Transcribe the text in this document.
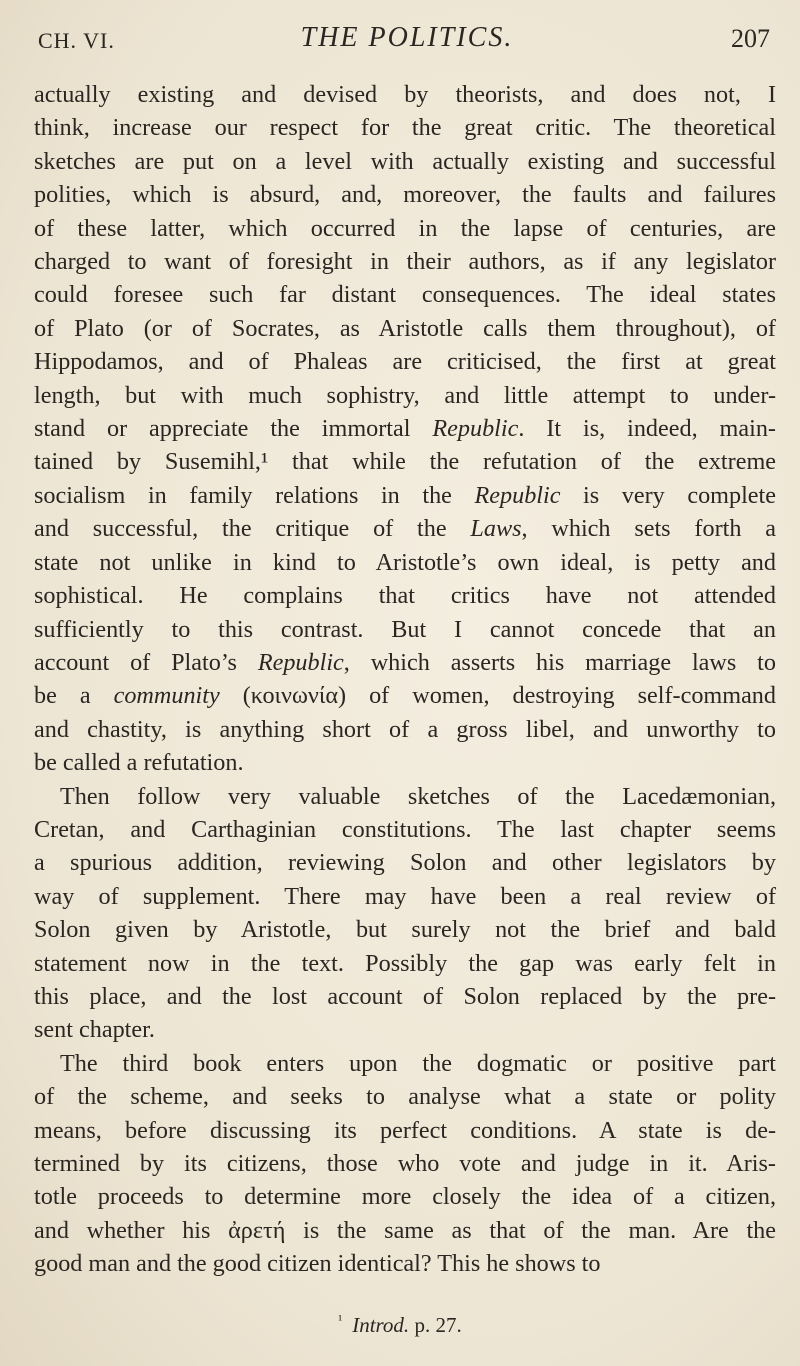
CH. VI.	THE POLITICS.	207
actually existing and devised by theorists, and does not, I
think, increase our respect for the great critic. The theoretical
sketches are put on a level with actually existing and successful
polities, which is absurd, and, moreover, the faults and failures
of these latter, which occurred in the lapse of centuries, are
charged to want of foresight in their authors, as if any legislator
could foresee such far distant consequences. The ideal states
of Plato (or of Socrates, as Aristotle calls them throughout), of
Hippodamos, and of Phaleas are criticised, the first at great
length, but with much sophistry, and little attempt to under-
stand or appreciate the immortal Republic. It is, indeed, main-
tained by Susemihl,¹ that while the refutation of the extreme
socialism in family relations in the Republic is very complete
and successful, the critique of the Laws, which sets forth a
state not unlike in kind to Aristotle’s own ideal, is petty and
sophistical. He complains that critics have not attended
sufficiently to this contrast. But I cannot concede that an
account of Plato’s Republic, which asserts his marriage laws to
be a community (κοινωνία) of women, destroying self-command
and chastity, is anything short of a gross libel, and unworthy to
be called a refutation.
Then follow very valuable sketches of the Lacedæmonian,
Cretan, and Carthaginian constitutions. The last chapter seems
a spurious addition, reviewing Solon and other legislators by
way of supplement. There may have been a real review of
Solon given by Aristotle, but surely not the brief and bald
statement now in the text. Possibly the gap was early felt in
this place, and the lost account of Solon replaced by the pre-
sent chapter.
The third book enters upon the dogmatic or positive part
of the scheme, and seeks to analyse what a state or polity
means, before discussing its perfect conditions. A state is de-
termined by its citizens, those who vote and judge in it. Aris-
totle proceeds to determine more closely the idea of a citizen,
and whether his ἀρετή is the same as that of the man. Are the
good man and the good citizen identical? This he shows to
$^{^1}$ Introd. p. 27.
